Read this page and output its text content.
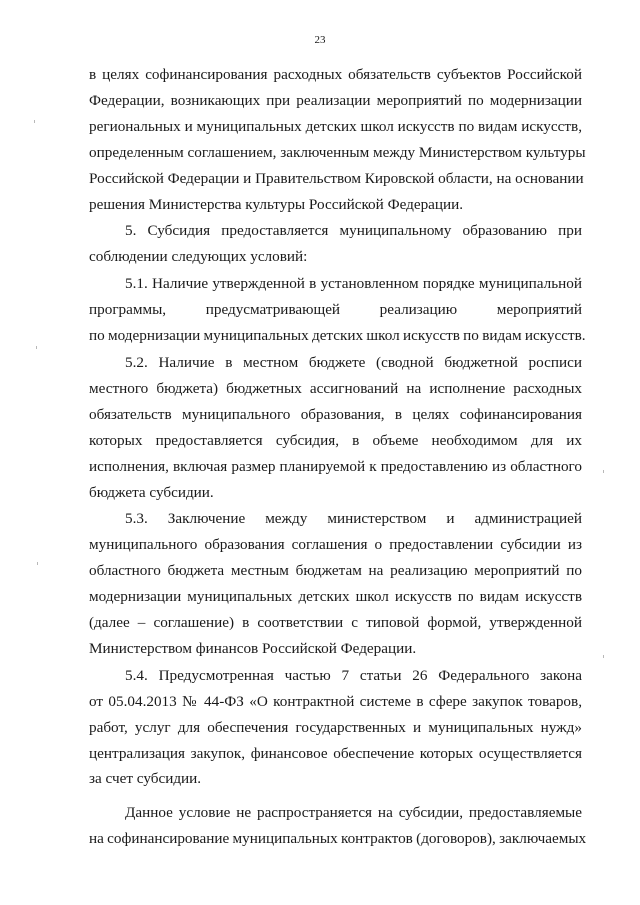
23
в целях софинансирования расходных обязательств субъектов Российской
Федерации, возникающих при реализации мероприятий по модернизации
региональных и муниципальных детских школ искусств по видам искусств,
определенным соглашением, заключенным между Министерством культуры
Российской Федерации и Правительством Кировской области, на основании
решения Министерства культуры Российской Федерации.
5. Субсидия предоставляется муниципальному образованию при
соблюдении следующих условий:
5.1. Наличие утвержденной в установленном порядке муниципальной
программы, предусматривающей реализацию мероприятий
по модернизации муниципальных детских школ искусств по видам искусств.
5.2. Наличие в местном бюджете (сводной бюджетной росписи
местного бюджета) бюджетных ассигнований на исполнение расходных
обязательств муниципального образования, в целях софинансирования
которых предоставляется субсидия, в объеме необходимом для их
исполнения, включая размер планируемой к предоставлению из областного
бюджета субсидии.
5.3. Заключение между министерством и администрацией
муниципального образования соглашения о предоставлении субсидии из
областного бюджета местным бюджетам на реализацию мероприятий по
модернизации муниципальных детских школ искусств по видам искусств
(далее – соглашение) в соответствии с типовой формой, утвержденной
Министерством финансов Российской Федерации.
5.4. Предусмотренная частью 7 статьи 26 Федерального закона
от 05.04.2013 № 44-ФЗ «О контрактной системе в сфере закупок товаров,
работ, услуг для обеспечения государственных и муниципальных нужд»
централизация закупок, финансовое обеспечение которых осуществляется
за счет субсидии.
Данное условие не распространяется на субсидии, предоставляемые
на софинансирование муниципальных контрактов (договоров), заключаемых
